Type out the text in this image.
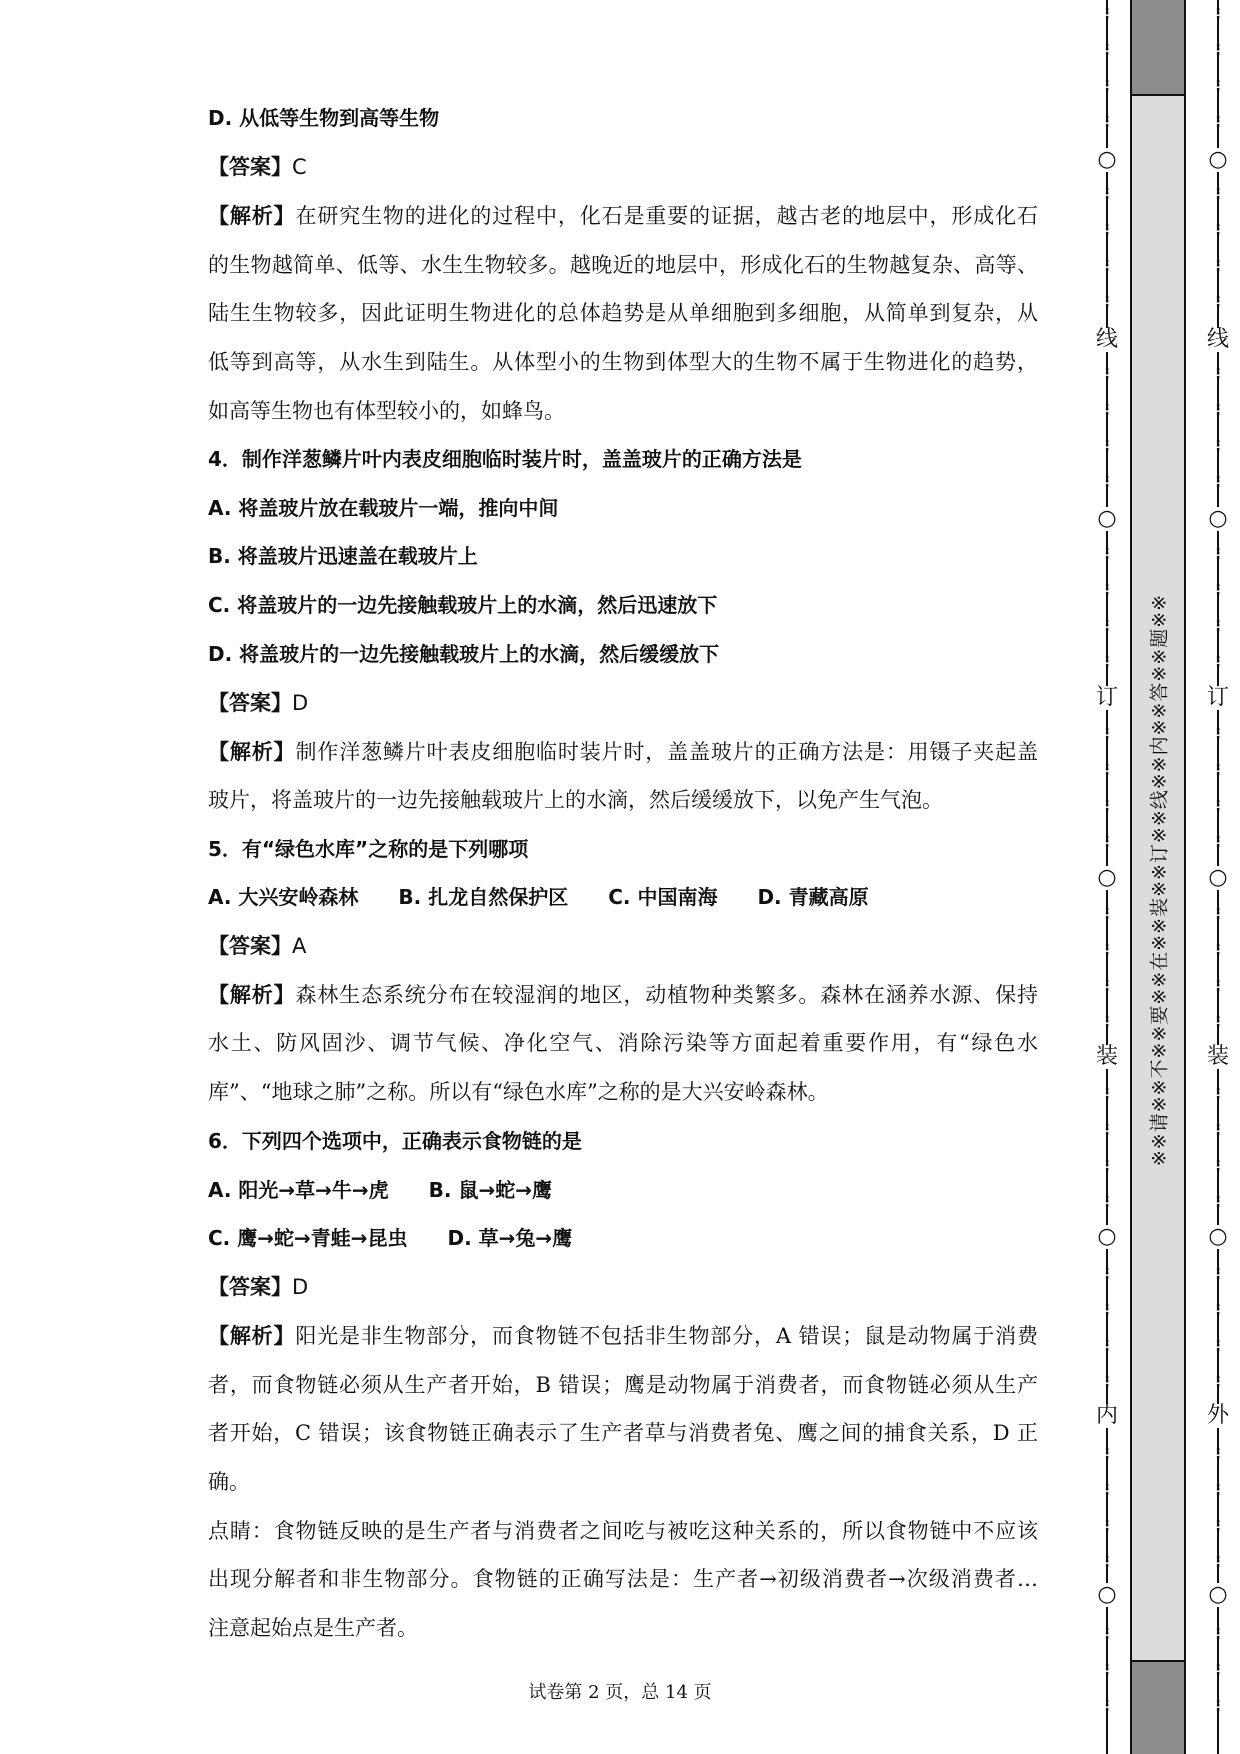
D. 从低等生物到高等生物
【答案】C
【解析】在研究生物的进化的过程中，化石是重要的证据，越古老的地层中，形成化石
的生物越简单、低等、水生生物较多。越晚近的地层中，形成化石的生物越复杂、高等、
陆生生物较多，因此证明生物进化的总体趋势是从单细胞到多细胞，从简单到复杂，从
低等到高等，从水生到陆生。从体型小的生物到体型大的生物不属于生物进化的趋势，
如高等生物也有体型较小的，如蜂鸟。
4．制作洋葱鳞片叶内表皮细胞临时装片时，盖盖玻片的正确方法是
A. 将盖玻片放在载玻片一端，推向中间
B. 将盖玻片迅速盖在载玻片上
C. 将盖玻片的一边先接触载玻片上的水滴，然后迅速放下
D. 将盖玻片的一边先接触载玻片上的水滴，然后缓缓放下
【答案】D
【解析】制作洋葱鳞片叶表皮细胞临时装片时，盖盖玻片的正确方法是：用镊子夹起盖
玻片，将盖玻片的一边先接触载玻片上的水滴，然后缓缓放下，以免产生气泡。
5．有“绿色水库”之称的是下列哪项
A. 大兴安岭森林　　B. 扎龙自然保护区　　C. 中国南海　　D. 青藏高原
【答案】A
【解析】森林生态系统分布在较湿润的地区，动植物种类繁多。森林在涵养水源、保持
水土、防风固沙、调节气候、净化空气、消除污染等方面起着重要作用，有“绿色水
库”、“地球之肺”之称。所以有“绿色水库”之称的是大兴安岭森林。
6．下列四个选项中，正确表示食物链的是
A. 阳光→草→牛→虎　　B. 鼠→蛇→鹰
C. 鹰→蛇→青蛙→昆虫　　D. 草→兔→鹰
【答案】D
【解析】阳光是非生物部分，而食物链不包括非生物部分，A 错误；鼠是动物属于消费
者，而食物链必须从生产者开始，B 错误；鹰是动物属于消费者，而食物链必须从生产
者开始，C 错误；该食物链正确表示了生产者草与消费者兔、鹰之间的捕食关系，D 正
确。
点睛：食物链反映的是生产者与消费者之间吃与被吃这种关系的，所以食物链中不应该
出现分解者和非生物部分。食物链的正确写法是：生产者→初级消费者→次级消费者…
注意起始点是生产者。
试卷第 2 页，总 14 页
○
线
○
订
○
装
○
内
○
⋮
⋮
⋮
⋮
⋮
⋮
⋮
⋮
⋮
⋮
⋮
⋮
⋮
⋮
⋮
⋮
⋮
⋮
⋮
⋮
⋮
⋮
⋮
⋮
⋮
⋮
⋮
⋮
⋮
⋮
⋮
⋮
⋮
⋮
⋮
⋮
⋮
⋮
⋮
※※请※※不※※要※※在※※装※※订※※线※※内※※答※※题※※
○
线
○
订
○
装
○
外
○
⋮
⋮
⋮
⋮
⋮
⋮
⋮
⋮
⋮
⋮
⋮
⋮
⋮
⋮
⋮
⋮
⋮
⋮
⋮
⋮
⋮
⋮
⋮
⋮
⋮
⋮
⋮
⋮
⋮
⋮
⋮
⋮
⋮
⋮
⋮
⋮
⋮
⋮
⋮
